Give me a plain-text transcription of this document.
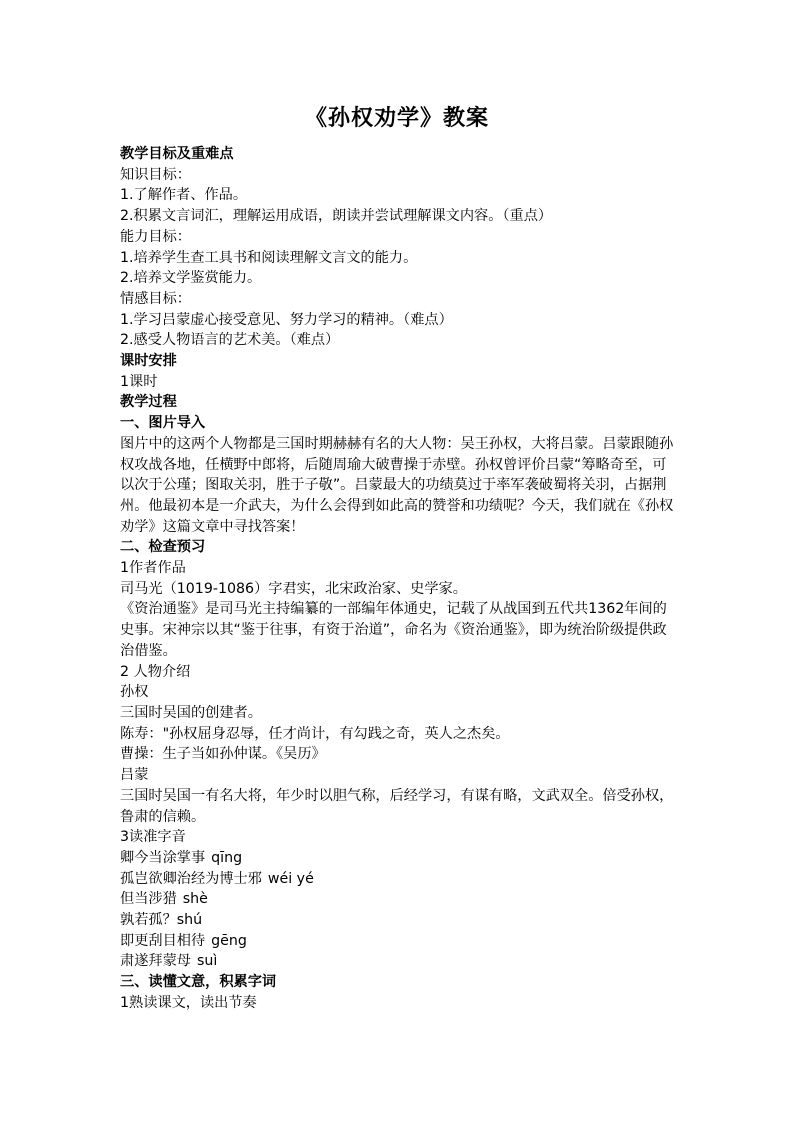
《孙权劝学》教案

教学目标及重难点

知识目标：

1.了解作者、作品。

2.积累文言词汇，理解运用成语，朗读并尝试理解课文内容。（重点）

能力目标：

1.培养学生查工具书和阅读理解文言文的能力。

2.培养文学鉴赏能力。

情感目标：

1.学习吕蒙虚心接受意见、努力学习的精神。（难点）

2.感受人物语言的艺术美。（难点）

课时安排

1课时

教学过程

一、图片导入

图片中的这两个人物都是三国时期赫赫有名的大人物：吴王孙权，大将吕蒙。吕蒙跟随孙权攻战各地，任横野中郎将，后随周瑜大破曹操于赤壁。孙权曾评价吕蒙“筹略奇至，可以次于公瑾；图取关羽，胜于子敬”。吕蒙最大的功绩莫过于率军袭破蜀将关羽，占据荆州。他最初本是一介武夫，为什么会得到如此高的赞誉和功绩呢？今天，我们就在《孙权劝学》这篇文章中寻找答案！

二、检查预习

1作者作品

司马光（1019-1086）字君实，北宋政治家、史学家。

《资治通鉴》是司马光主持编纂的一部编年体通史，记载了从战国到五代共1362年间的史事。宋神宗以其“鉴于往事，有资于治道”，命名为《资治通鉴》，即为统治阶级提供政治借鉴。

2 人物介绍

孙权

三国时吴国的创建者。

陈寿："孙权屈身忍辱，任才尚计，有勾践之奇，英人之杰矣。

曹操：生子当如孙仲谋。《吴历》

吕蒙

三国时吴国一有名大将，年少时以胆气称，后经学习，有谋有略，文武双全。倍受孙权，鲁肃的信赖。

3读准字音

卿今当涂掌事 qīng

孤岂欲卿治经为博士邪 wéi yé

但当涉猎 shè

孰若孤？shú

即更刮目相待 gēng

肃遂拜蒙母 suì

三、读懂文意，积累字词

1熟读课文，读出节奏
